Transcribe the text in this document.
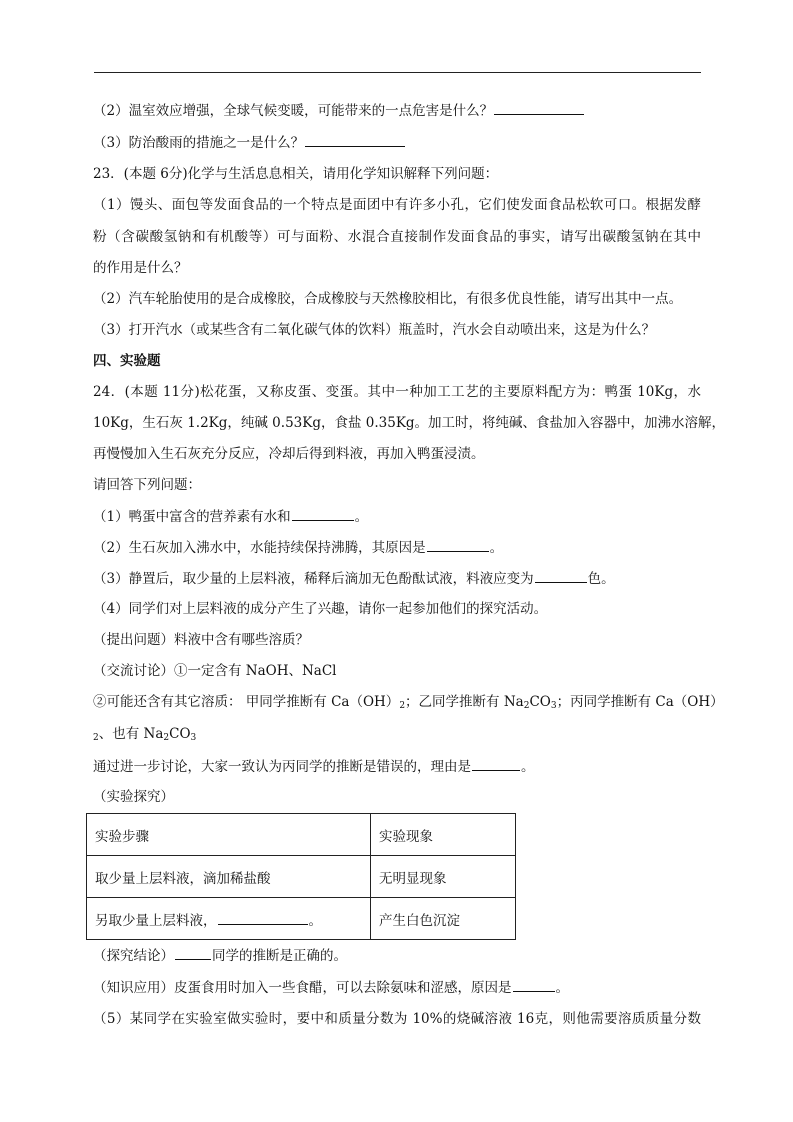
（2）温室效应增强，全球气候变暖，可能带来的一点危害是什么？
（3）防治酸雨的措施之一是什么？
23．(本题 6分)化学与生活息息相关，请用化学知识解释下列问题：
（1）馒头、面包等发面食品的一个特点是面团中有许多小孔，它们使发面食品松软可口。根据发酵
粉（含碳酸氢钠和有机酸等）可与面粉、水混合直接制作发面食品的事实，请写出碳酸氢钠在其中
的作用是什么？
（2）汽车轮胎使用的是合成橡胶，合成橡胶与天然橡胶相比，有很多优良性能，请写出其中一点。
（3）打开汽水（或某些含有二氧化碳气体的饮料）瓶盖时，汽水会自动喷出来，这是为什么？
四、实验题
24．(本题 11分)松花蛋，又称皮蛋、变蛋。其中一种加工工艺的主要原料配方为：鸭蛋 10Kg，水
10Kg，生石灰 1.2Kg，纯碱 0.53Kg，食盐 0.35Kg。加工时，将纯碱、食盐加入容器中，加沸水溶解，
再慢慢加入生石灰充分反应，冷却后得到料液，再加入鸭蛋浸渍。
请回答下列问题：
（1）鸭蛋中富含的营养素有水和	。
（2）生石灰加入沸水中，水能持续保持沸腾，其原因是	。
（3）静置后，取少量的上层料液，稀释后滴加无色酚酞试液，料液应变为	色。
（4）同学们对上层料液的成分产生了兴趣，请你一起参加他们的探究活动。
（提出问题）料液中含有哪些溶质？
（交流讨论）①一定含有 NaOH、NaCl
②可能还含有其它溶质： 甲同学推断有 $Ca(OH)_2$；乙同学推断有 $Na_2CO_3$；丙同学推断有 Ca（OH）
$_2$、也有 $Na_2CO_3$
通过进一步讨论，大家一致认为丙同学的推断是错误的，理由是	。
（实验探究）
实验步骤	实验现象
取少量上层料液，滴加稀盐酸	无明显现象
另取少量上层料液， 。	产生白色沉淀
（探究结论）	同学的推断是正确的。
（知识应用）皮蛋食用时加入一些食醋，可以去除氨味和涩感，原因是	。
（5）某同学在实验室做实验时，要中和质量分数为 10%的烧碱溶液 16克，则他需要溶质质量分数
